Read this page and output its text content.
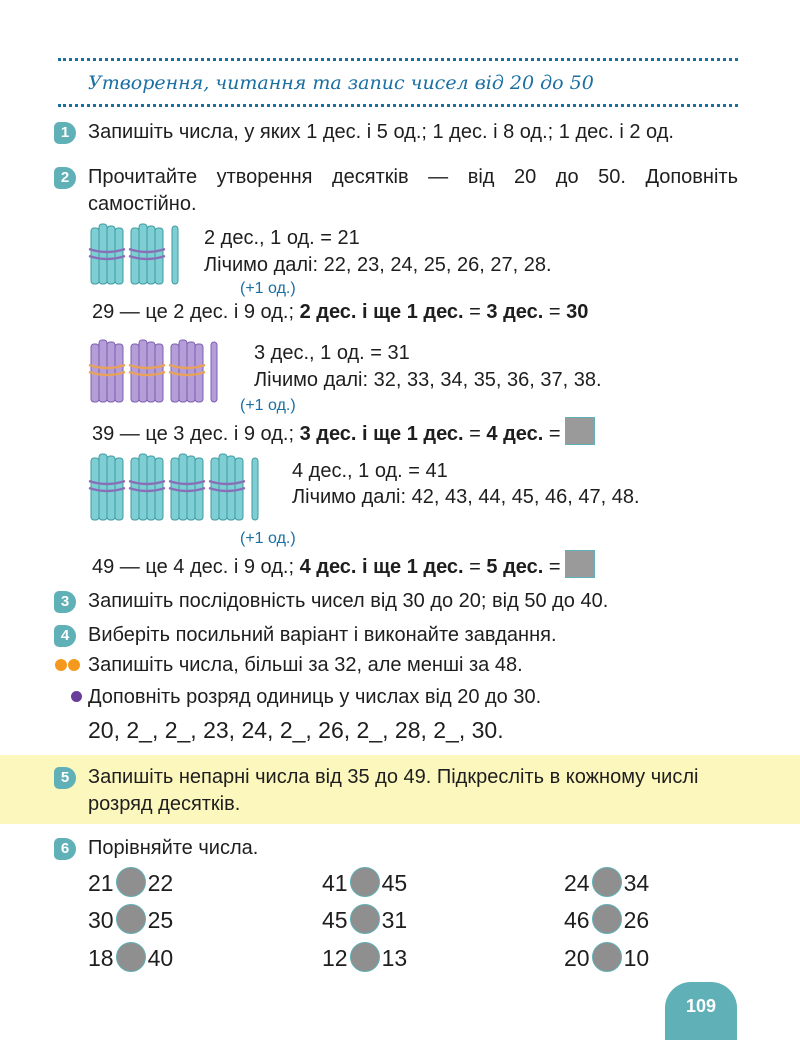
Утворення, читання та запис чисел від 20 до 50
1 Запишіть числа, у яких 1 дес. і 5 од.; 1 дес. і 8 од.; 1 дес. і 2 од.
2 Прочитайте утворення десятків — від 20 до 50. Доповніть самостійно.
2 дес., 1 од. = 21
Лічимо далі: 22, 23, 24, 25, 26, 27, 28.
(+1 од.)
29 — це 2 дес. і 9 од.; 2 дес. і ще 1 дес. = 3 дес. = 30
3 дес., 1 од. = 31
Лічимо далі: 32, 33, 34, 35, 36, 37, 38.
(+1 од.)
39 — це 3 дес. і 9 од.; 3 дес. і ще 1 дес. = 4 дес. =
4 дес., 1 од. = 41
Лічимо далі: 42, 43, 44, 45, 46, 47, 48.
(+1 од.)
49 — це 4 дес. і 9 од.; 4 дес. і ще 1 дес. = 5 дес. =
3 Запишіть послідовність чисел від 30 до 20; від 50 до 40.
4 Виберіть посильний варіант і виконайте завдання.
Запишіть числа, більші за 32, але менші за 48.
Доповніть розряд одиниць у числах від 20 до 30.
20, 2_, 2_, 23, 24, 2_, 26, 2_, 28, 2_, 30.
5 Запишіть непарні числа від 35 до 49. Підкресліть в кожному числі розряд десятків.
6 Порівняйте числа.
21 22	41 45	24 34
30 25	45 31	46 26
18 40	12 13	20 10
109
